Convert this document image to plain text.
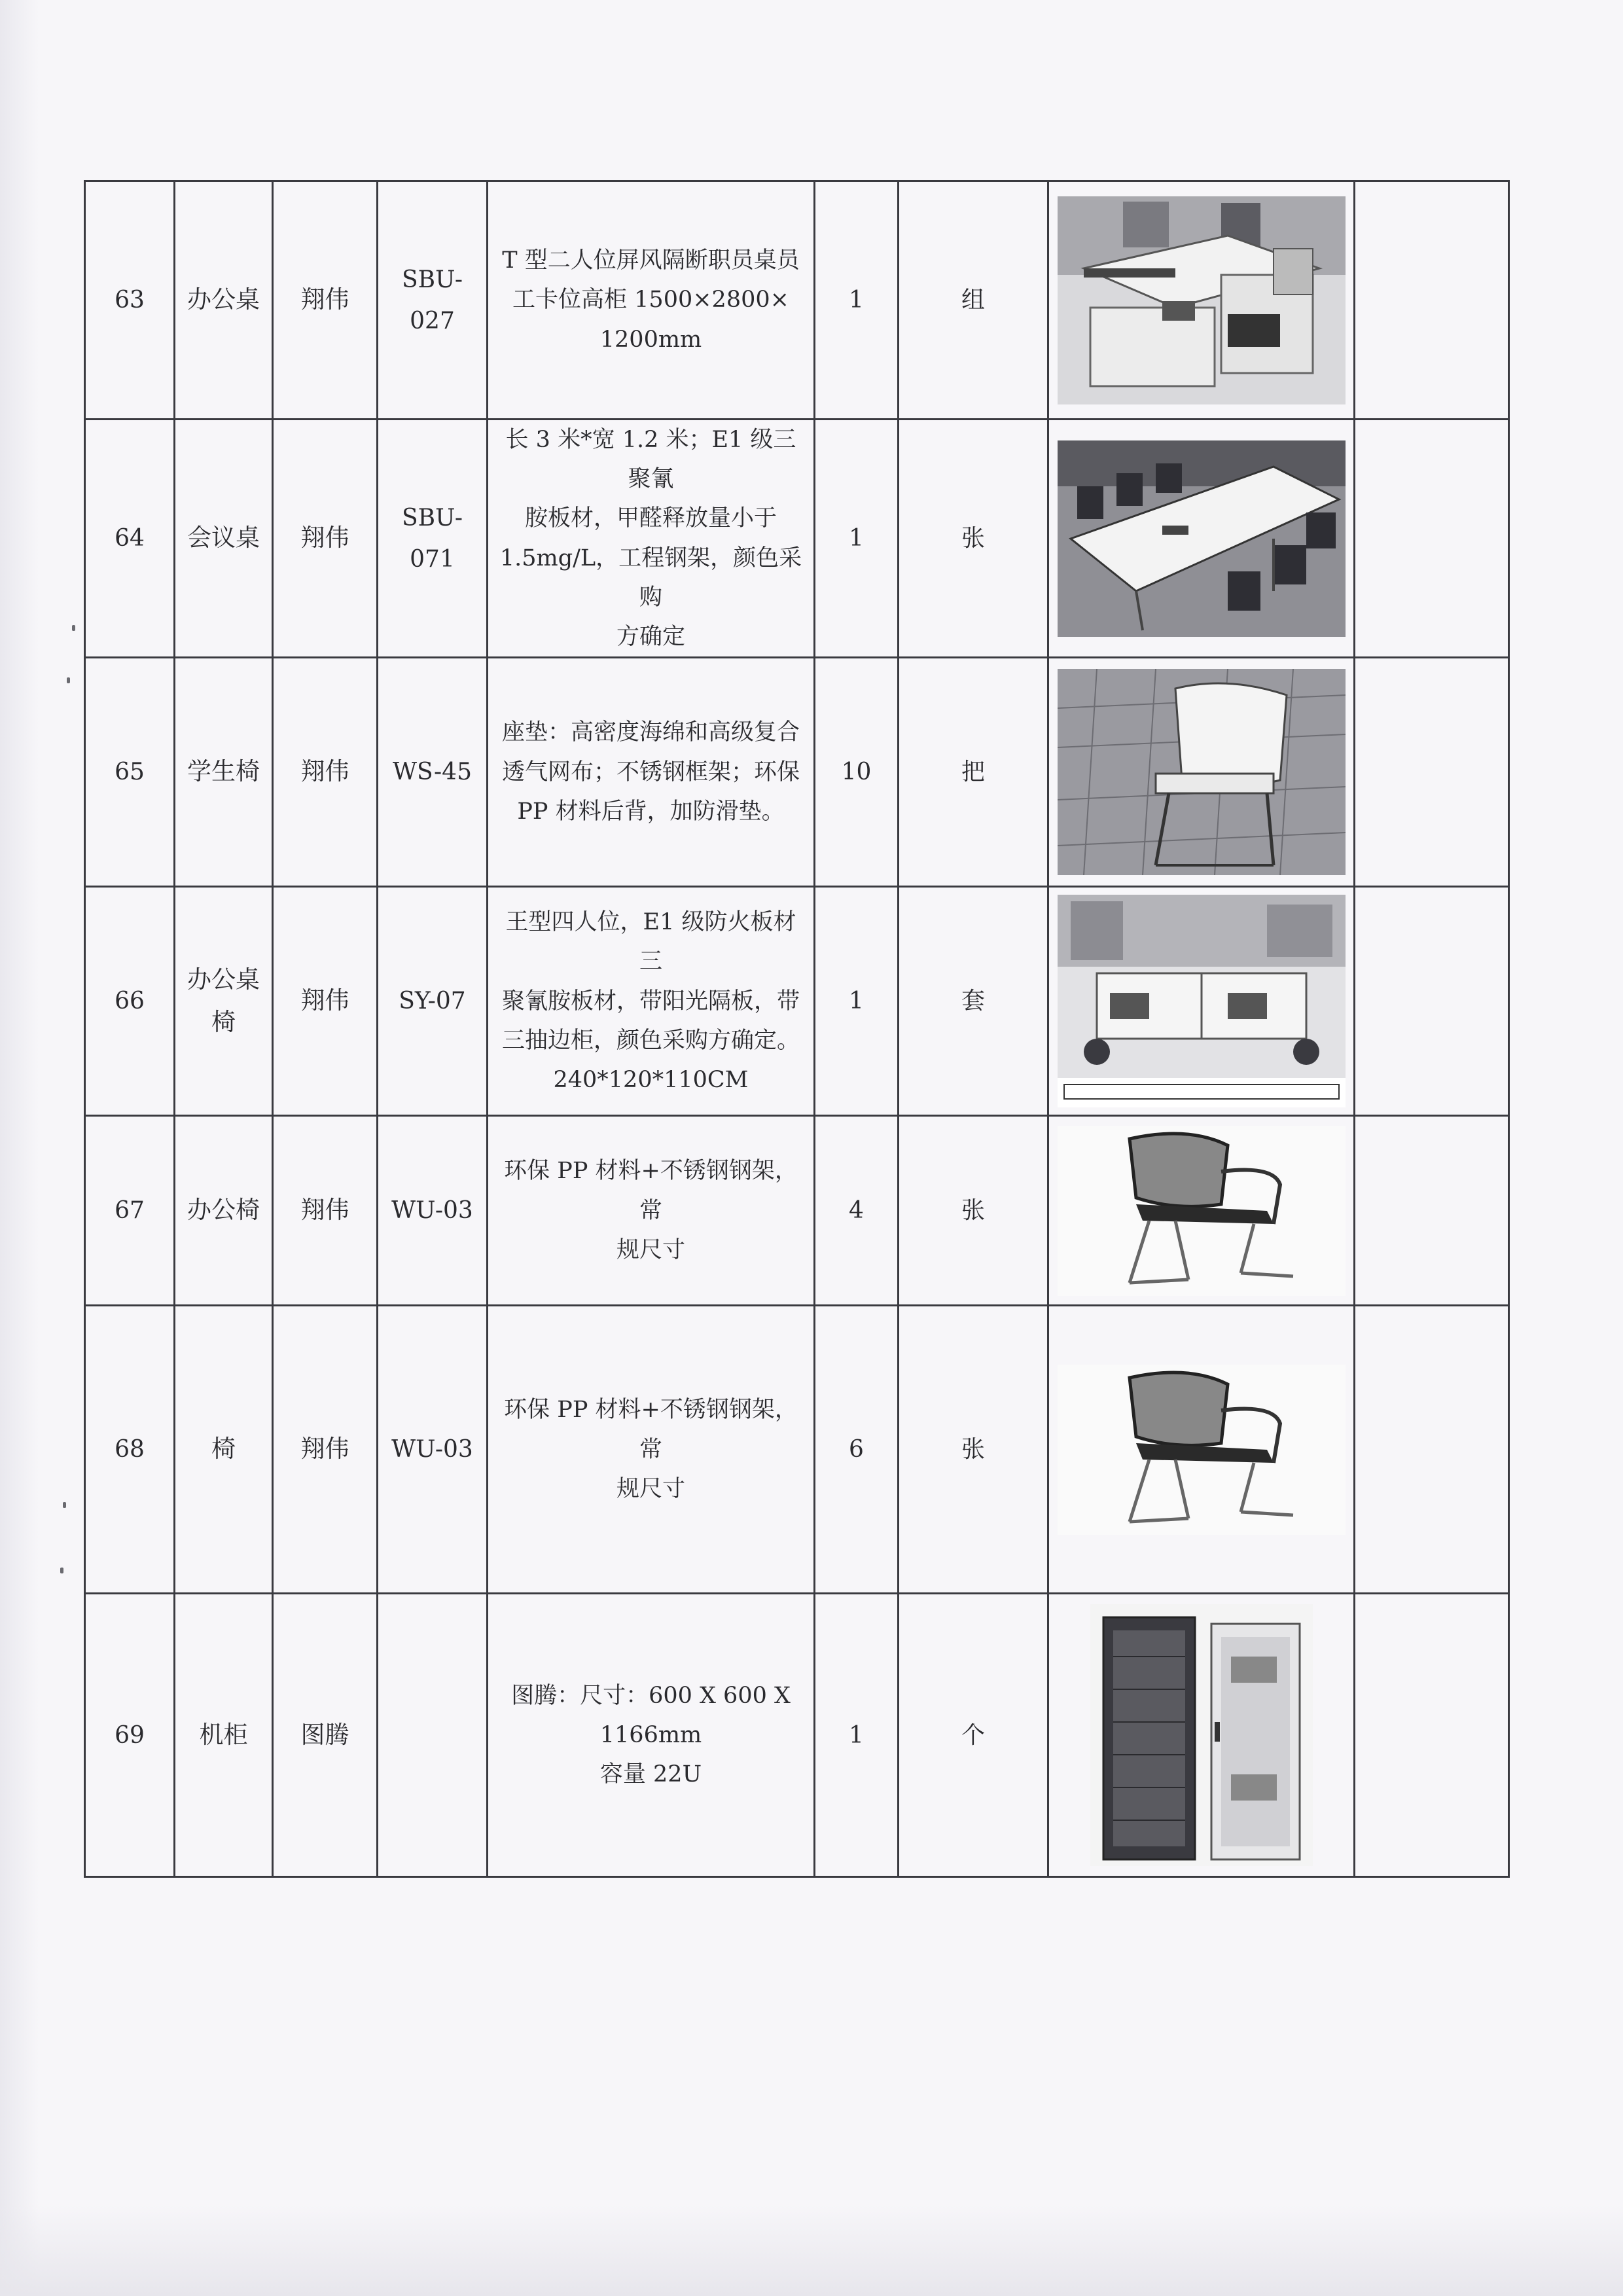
63	办公桌	翔伟	SBU-027	T 型二人位屏风隔断职员桌员
工卡位高柜 1500×2800×
1200mm	1	组	

64	会议桌	翔伟	SBU-071	长 3 米*宽 1.2 米；E1 级三聚氰
胺板材，甲醛释放量小于
1.5mg/L，工程钢架，颜色采购
方确定	1	张	

65	学生椅	翔伟	WS-45	座垫：高密度海绵和高级复合
透气网布；不锈钢框架；环保
PP 材料后背，加防滑垫。	10	把	

66	办公桌椅	翔伟	SY-07	王型四人位，E1 级防火板材三
聚氰胺板材，带阳光隔板，带
三抽边柜，颜色采购方确定。
240*120*110CM	1	套	

67	办公椅	翔伟	WU-03	环保 PP 材料+不锈钢钢架，常
规尺寸	4	张	

68	椅	翔伟	WU-03	环保 PP 材料+不锈钢钢架，常
规尺寸	6	张	

69	机柜	图腾		图腾：尺寸：600 X 600 X 1166mm
容量 22U	1	个	
